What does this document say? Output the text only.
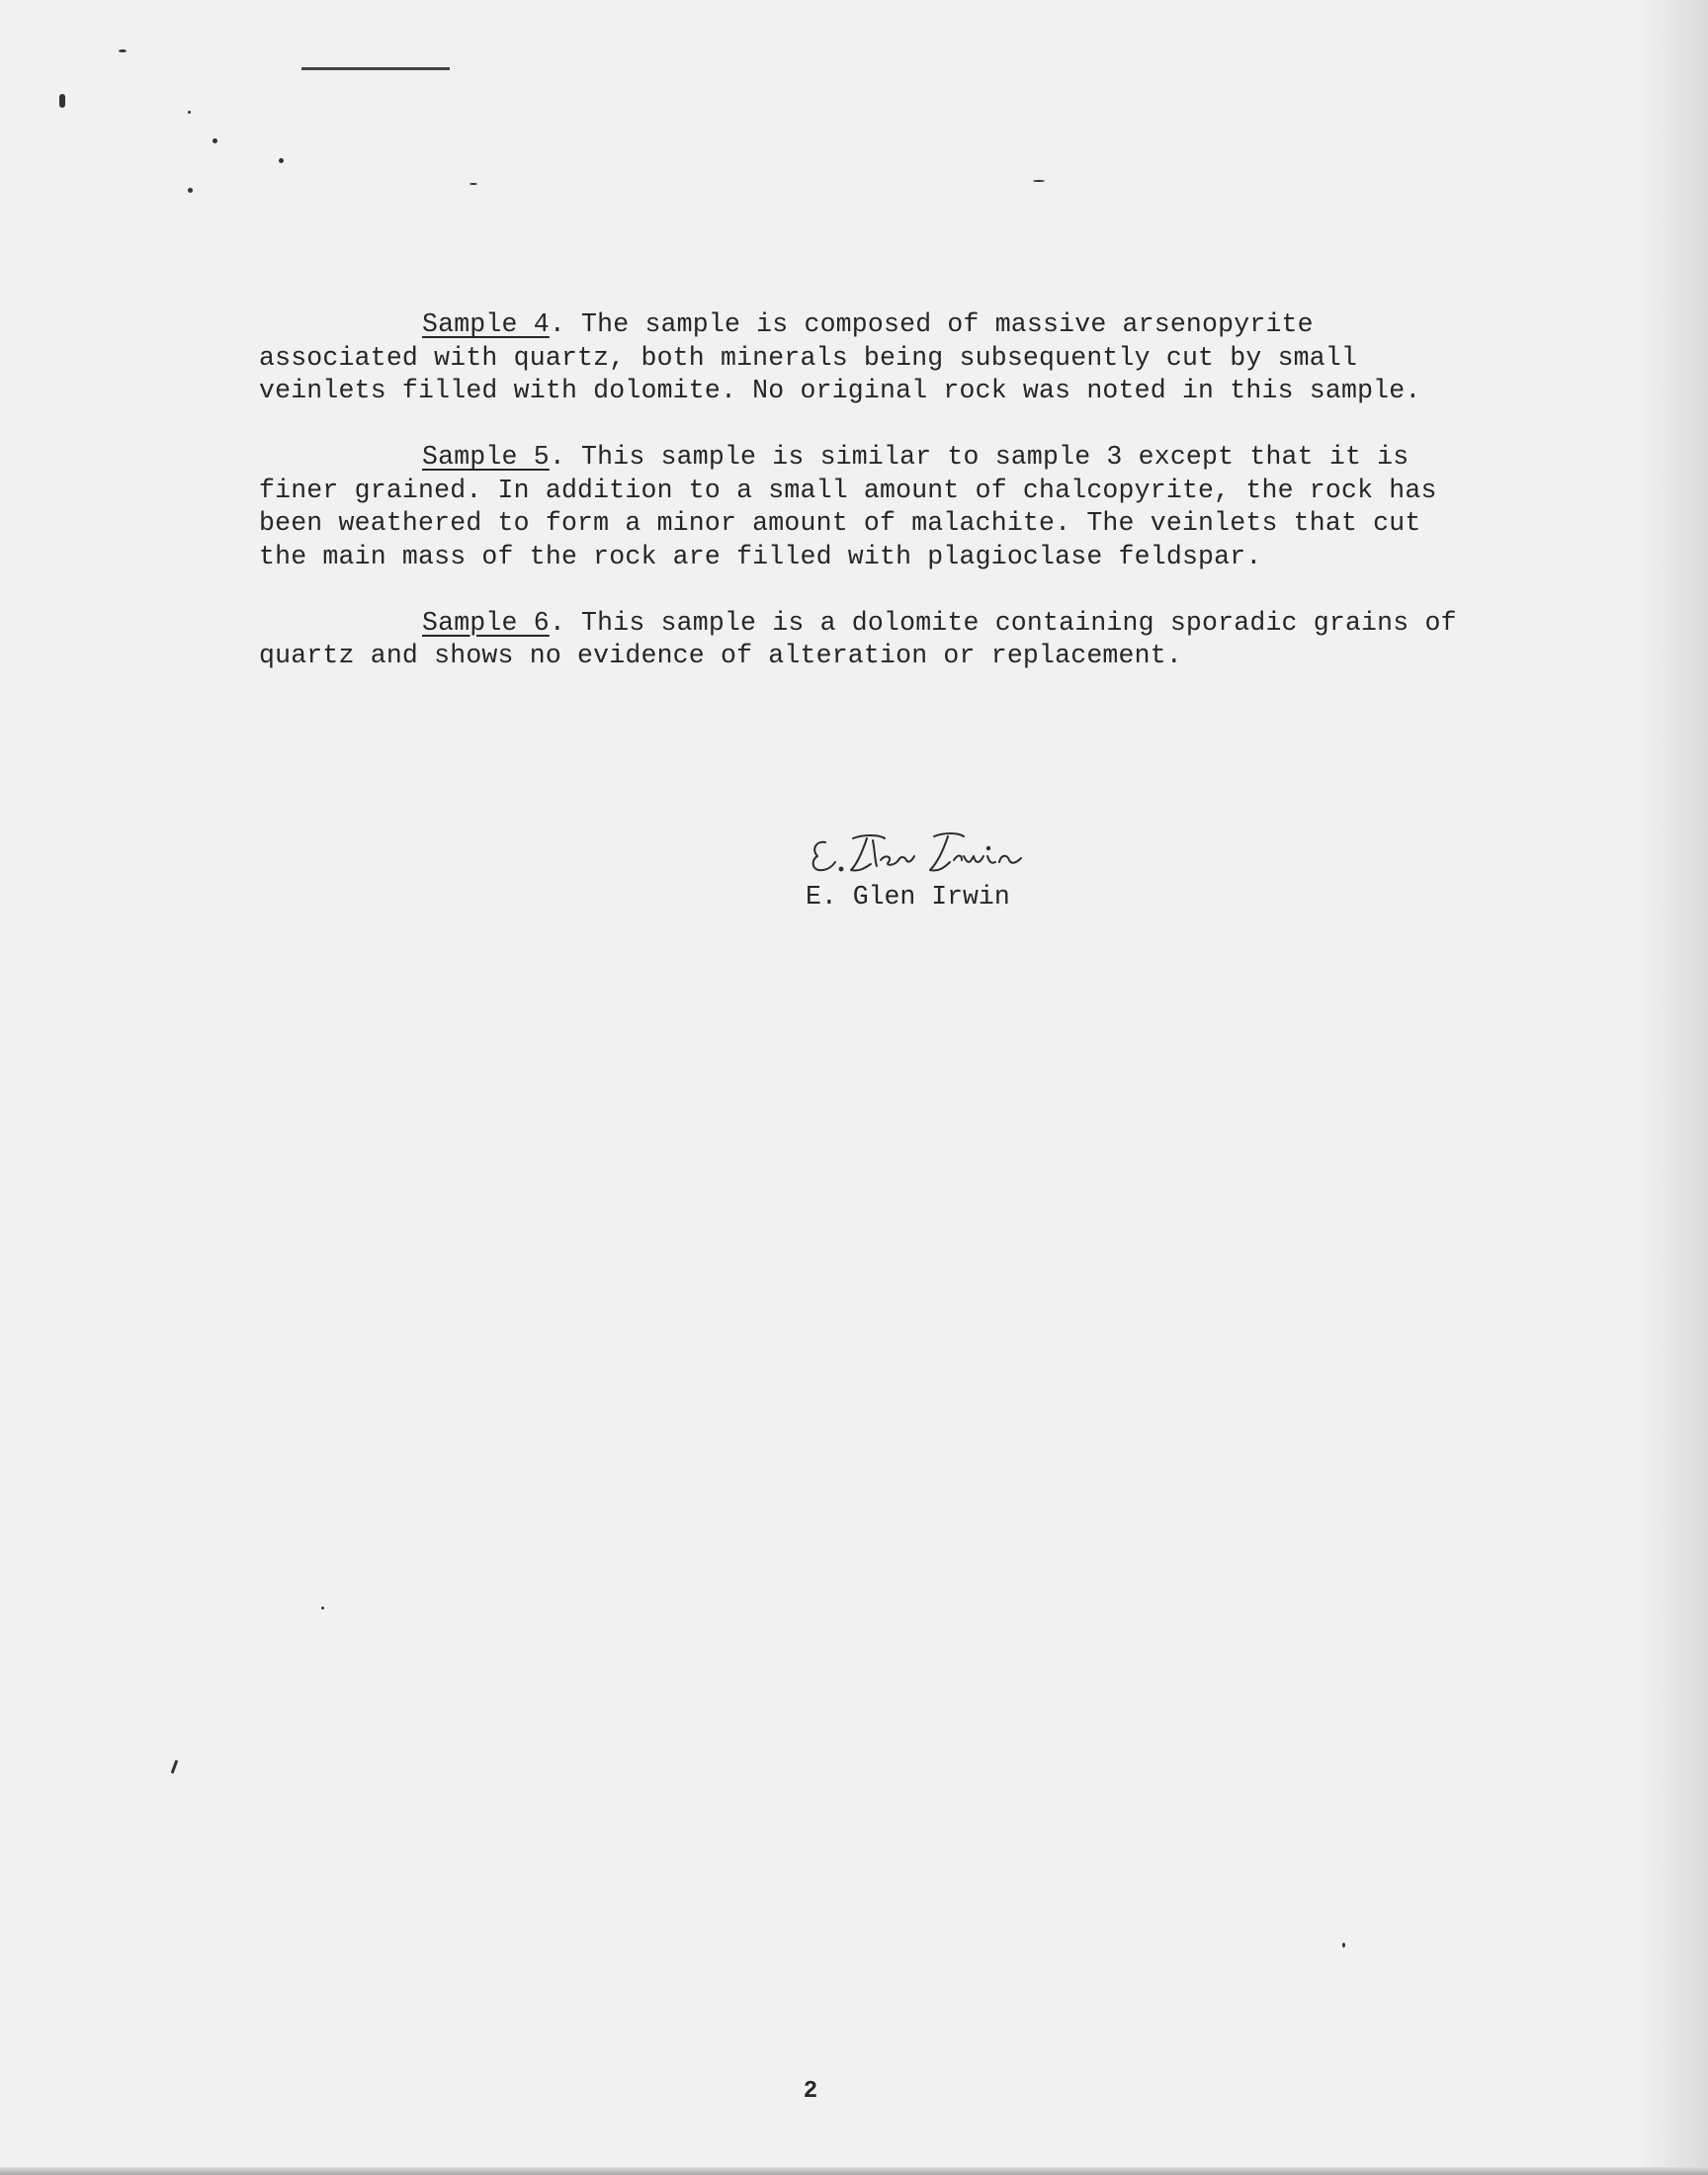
Sample 4. The sample is composed of massive arsenopyrite associated with quartz, both minerals being subsequently cut by small veinlets filled with dolomite. No original rock was noted in this sample.

Sample 5. This sample is similar to sample 3 except that it is finer grained. In addition to a small amount of chalcopyrite, the rock has been weathered to form a minor amount of malachite. The veinlets that cut the main mass of the rock are filled with plagioclase feldspar.

Sample 6. This sample is a dolomite containing sporadic grains of quartz and shows no evidence of alteration or replacement.

E. Glen Irwin
2
